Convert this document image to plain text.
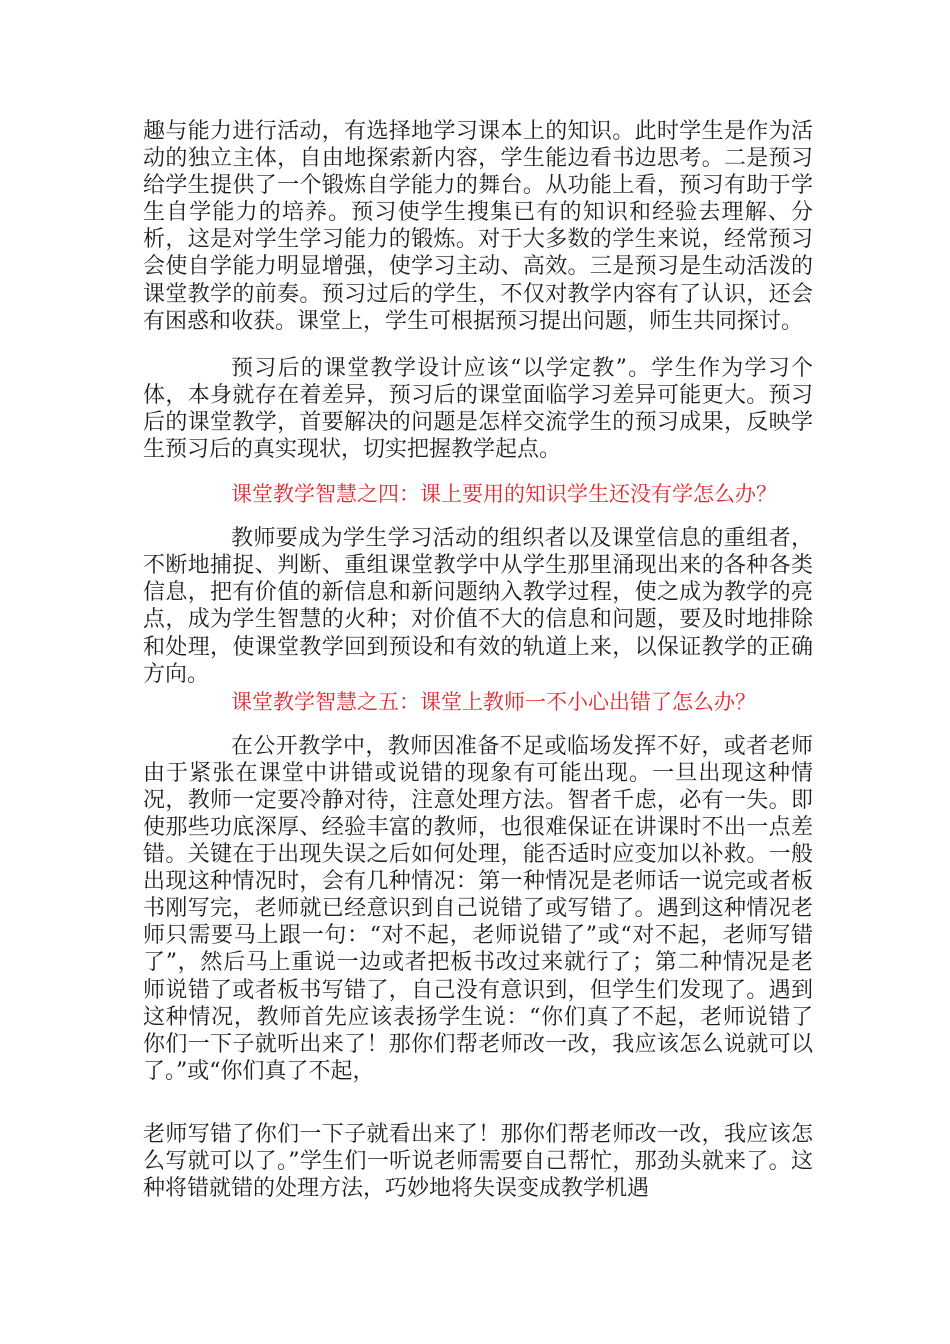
趣与能力进行活动，有选择地学习课本上的知识。此时学生是作为活动的独立主体，自由地探索新内容，学生能边看书边思考。二是预习给学生提供了一个锻炼自学能力的舞台。从功能上看，预习有助于学生自学能力的培养。预习使学生搜集已有的知识和经验去理解、分析，这是对学生学习能力的锻炼。对于大多数的学生来说，经常预习会使自学能力明显增强，使学习主动、高效。三是预习是生动活泼的课堂教学的前奏。预习过后的学生，不仅对教学内容有了认识，还会有困惑和收获。课堂上，学生可根据预习提出问题，师生共同探讨。

预习后的课堂教学设计应该“以学定教”。学生作为学习个体，本身就存在着差异，预习后的课堂面临学习差异可能更大。预习后的课堂教学，首要解决的问题是怎样交流学生的预习成果，反映学生预习后的真实现状，切实把握教学起点。

课堂教学智慧之四：课上要用的知识学生还没有学怎么办？

教师要成为学生学习活动的组织者以及课堂信息的重组者，不断地捕捉、判断、重组课堂教学中从学生那里涌现出来的各种各类信息，把有价值的新信息和新问题纳入教学过程，使之成为教学的亮点，成为学生智慧的火种；对价值不大的信息和问题，要及时地排除和处理，使课堂教学回到预设和有效的轨道上来，以保证教学的正确方向。

课堂教学智慧之五：课堂上教师一不小心出错了怎么办？

在公开教学中，教师因准备不足或临场发挥不好，或者老师由于紧张在课堂中讲错或说错的现象有可能出现。一旦出现这种情况，教师一定要冷静对待，注意处理方法。智者千虑，必有一失。即使那些功底深厚、经验丰富的教师，也很难保证在讲课时不出一点差错。关键在于出现失误之后如何处理，能否适时应变加以补救。一般出现这种情况时，会有几种情况：第一种情况是老师话一说完或者板书刚写完，老师就已经意识到自己说错了或写错了。遇到这种情况老师只需要马上跟一句：“对不起，老师说错了”或“对不起，老师写错了”，然后马上重说一边或者把板书改过来就行了；第二种情况是老师说错了或者板书写错了，自己没有意识到，但学生们发现了。遇到这种情况，教师首先应该表扬学生说：“你们真了不起，老师说错了你们一下子就听出来了！那你们帮老师改一改，我应该怎么说就可以了。”或“你们真了不起，

老师写错了你们一下子就看出来了！那你们帮老师改一改，我应该怎么写就可以了。”学生们一听说老师需要自己帮忙，那劲头就来了。这种将错就错的处理方法，巧妙地将失误变成教学机遇
